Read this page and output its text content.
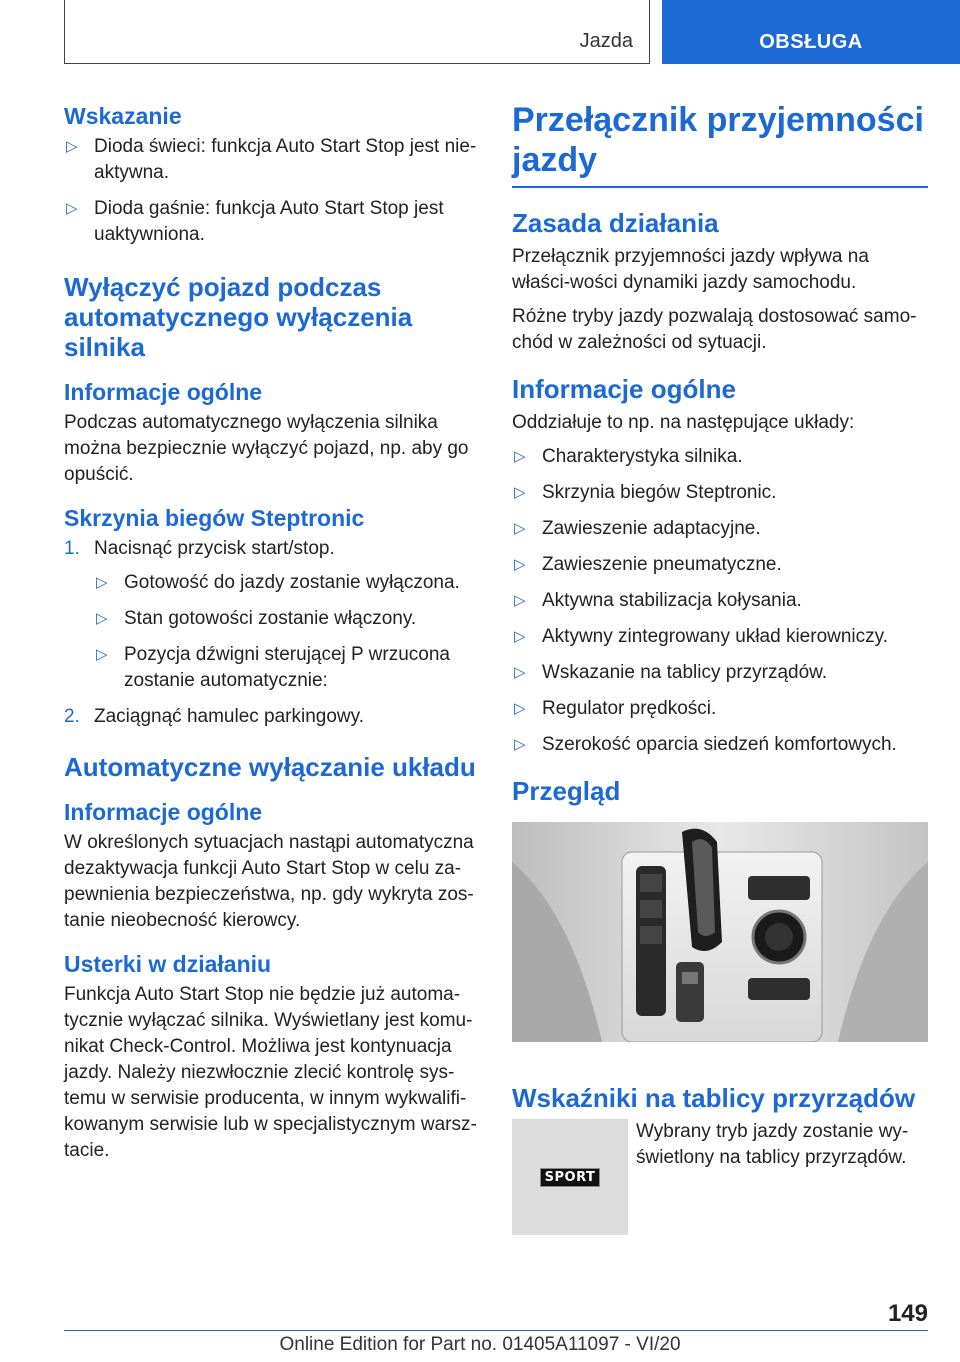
Jazda	OBSŁUGA
Wskazanie
▷ Dioda świeci: funkcja Auto Start Stop jest nie-aktywna.
▷ Dioda gaśnie: funkcja Auto Start Stop jest uaktywniona.
Wyłączyć pojazd podczas automatycznego wyłączenia silnika
Informacje ogólne

Podczas automatycznego wyłączenia silnika można bezpiecznie wyłączyć pojazd, np. aby go opuścić.

Skrzynia biegów Steptronic
1. Nacisnąć przycisk start/stop.
▷ Gotowość do jazdy zostanie wyłączona.
▷ Stan gotowości zostanie włączony.
▷ Pozycja dźwigni sterującej P wrzucona zostanie automatycznie:
2. Zaciągnąć hamulec parkingowy.
Automatyczne wyłączanie układu
Informacje ogólne

W określonych sytuacjach nastąpi automatyczna dezaktywacja funkcji Auto Start Stop w celu za-pewnienia bezpieczeństwa, np. gdy wykryta zos-tanie nieobecność kierowcy.

Usterki w działaniu

Funkcja Auto Start Stop nie będzie już automa-tycznie wyłączać silnika. Wyświetlany jest komu-nikat Check-Control. Możliwa jest kontynuacja jazdy. Należy niezwłocznie zlecić kontrolę sys-temu w serwisie producenta, w innym wykwalifi-kowanym serwisie lub w specjalistycznym warsz-tacie.

Przełącznik przyjemności jazdy
Zasada działania

Przełącznik przyjemności jazdy wpływa na właści-wości dynamiki jazdy samochodu.

Różne tryby jazdy pozwalają dostosować samo-chód w zależności od sytuacji.

Informacje ogólne

Oddziałuje to np. na następujące układy:

▷ Charakterystyka silnika.
▷ Skrzynia biegów Steptronic.
▷ Zawieszenie adaptacyjne.
▷ Zawieszenie pneumatyczne.
▷ Aktywna stabilizacja kołysania.
▷ Aktywny zintegrowany układ kierowniczy.
▷ Wskazanie na tablicy przyrządów.
▷ Regulator prędkości.
▷ Szerokość oparcia siedzeń komfortowych.
Przegląd
Wskaźniki na tablicy przyrządów
SPORT

Wybrany tryb jazdy zostanie wy-świetlony na tablicy przyrządów.

149
Online Edition for Part no. 01405A11097 - VI/20
